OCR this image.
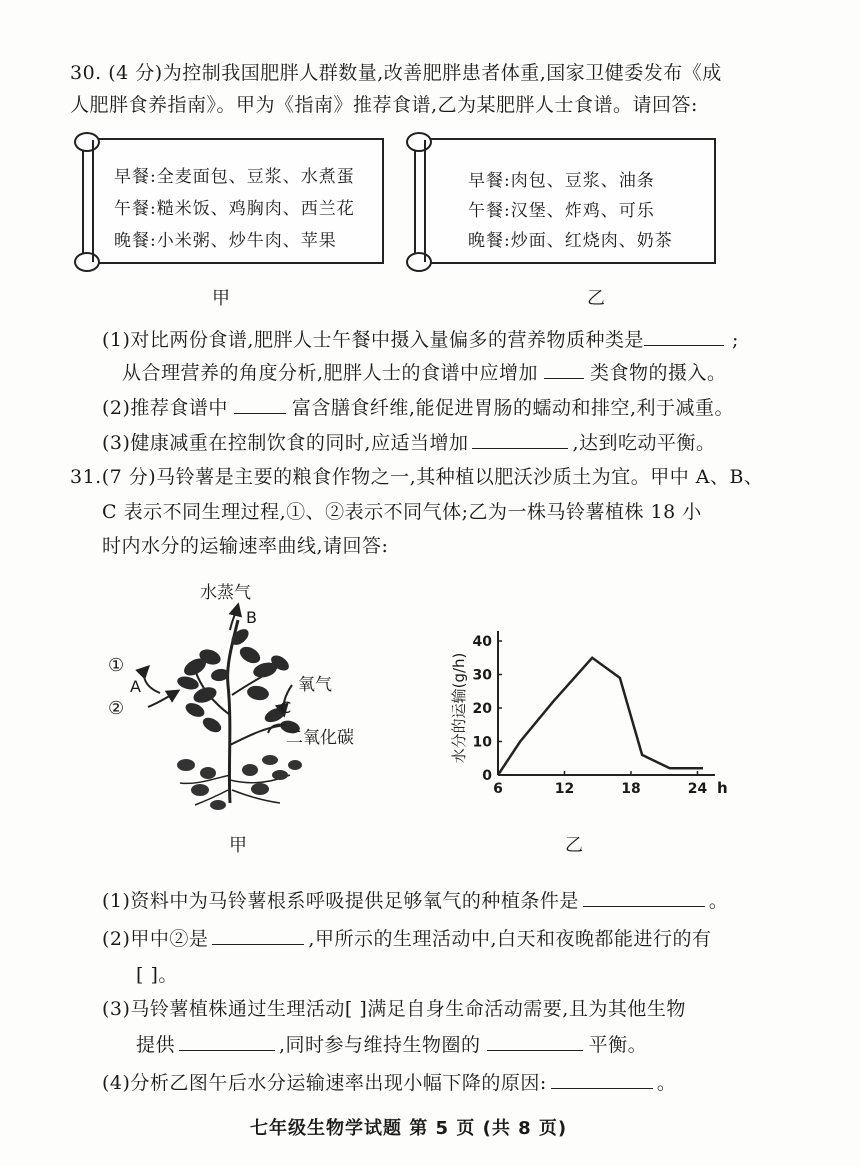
30. (4 分)为控制我国肥胖人群数量,改善肥胖患者体重,国家卫健委发布《成
人肥胖食养指南》。甲为《指南》推荐食谱,乙为某肥胖人士食谱。请回答:
早餐:全麦面包、豆浆、水煮蛋
午餐:糙米饭、鸡胸肉、西兰花
晚餐:小米粥、炒牛肉、苹果
早餐:肉包、豆浆、油条
午餐:汉堡、炸鸡、可乐
晚餐:炒面、红烧肉、奶茶
甲	乙
(1)对比两份食谱,肥胖人士午餐中摄入量偏多的营养物质种类是	;
从合理营养的角度分析,肥胖人士的食谱中应增加	类食物的摄入。
(2)推荐食谱中	富含膳食纤维,能促进胃肠的蠕动和排空,利于减重。
(3)健康减重在控制饮食的同时,应适当增加	,达到吃动平衡。
31.(7 分)马铃薯是主要的粮食作物之一,其种植以肥沃沙质土为宜。甲中 A、B、
C 表示不同生理过程,①、②表示不同气体;乙为一株马铃薯植株 18 小
时内水分的运输速率曲线,请回答:
水蒸气
B
①
A
②
氧气
C
二氧化碳
甲
0
10
20
30
40
6	12	18	24
水分的运输(g/h)
h
乙
(1)资料中为马铃薯根系呼吸提供足够氧气的种植条件是	。
(2)甲中②是	,甲所示的生理活动中,白天和夜晚都能进行的有
[ ]。
(3)马铃薯植株通过生理活动[ ]满足自身生命活动需要,且为其他生物
提供	,同时参与维持生物圈的	平衡。
(4)分析乙图午后水分运输速率出现小幅下降的原因:	。
七年级生物学试题 第 5 页 (共 8 页)
